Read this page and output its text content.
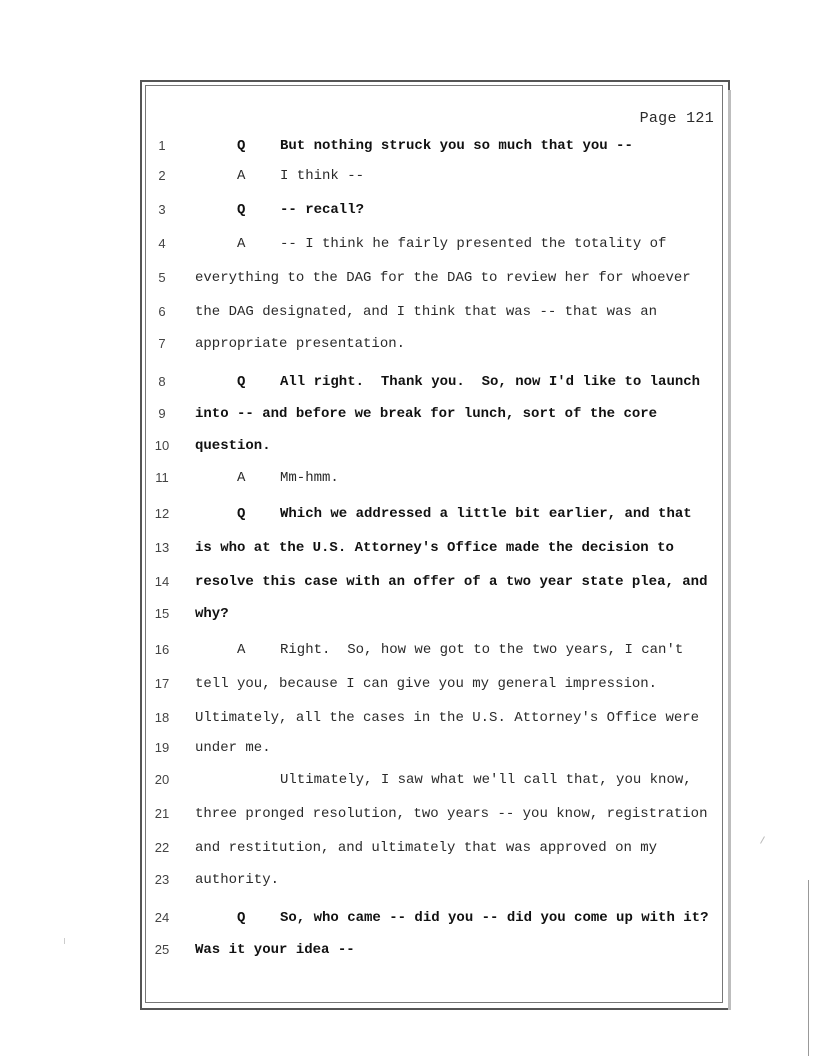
Page 121
1	Q But nothing struck you so much that you --
2	A I think --
3	Q -- recall?
4	A -- I think he fairly presented the totality of
5	everything to the DAG for the DAG to review her for whoever
6	the DAG designated, and I think that was -- that was an
7	appropriate presentation.
8	Q All right.  Thank you.  So, now I'd like to launch
9	into -- and before we break for lunch, sort of the core
10 question.
11	A Mm-hmm.
12	Q Which we addressed a little bit earlier, and that
13 is who at the U.S. Attorney's Office made the decision to
14 resolve this case with an offer of a two year state plea, and
15 why?
16	A Right.  So, how we got to the two years, I can't
17 tell you, because I can give you my general impression.
18 Ultimately, all the cases in the U.S. Attorney's Office were
19 under me.
20	Ultimately, I saw what we'll call that, you know,
21 three pronged resolution, two years -- you know, registration
22 and restitution, and ultimately that was approved on my
23 authority.
24	Q So, who came -- did you -- did you come up with it?
25 Was it your idea --
